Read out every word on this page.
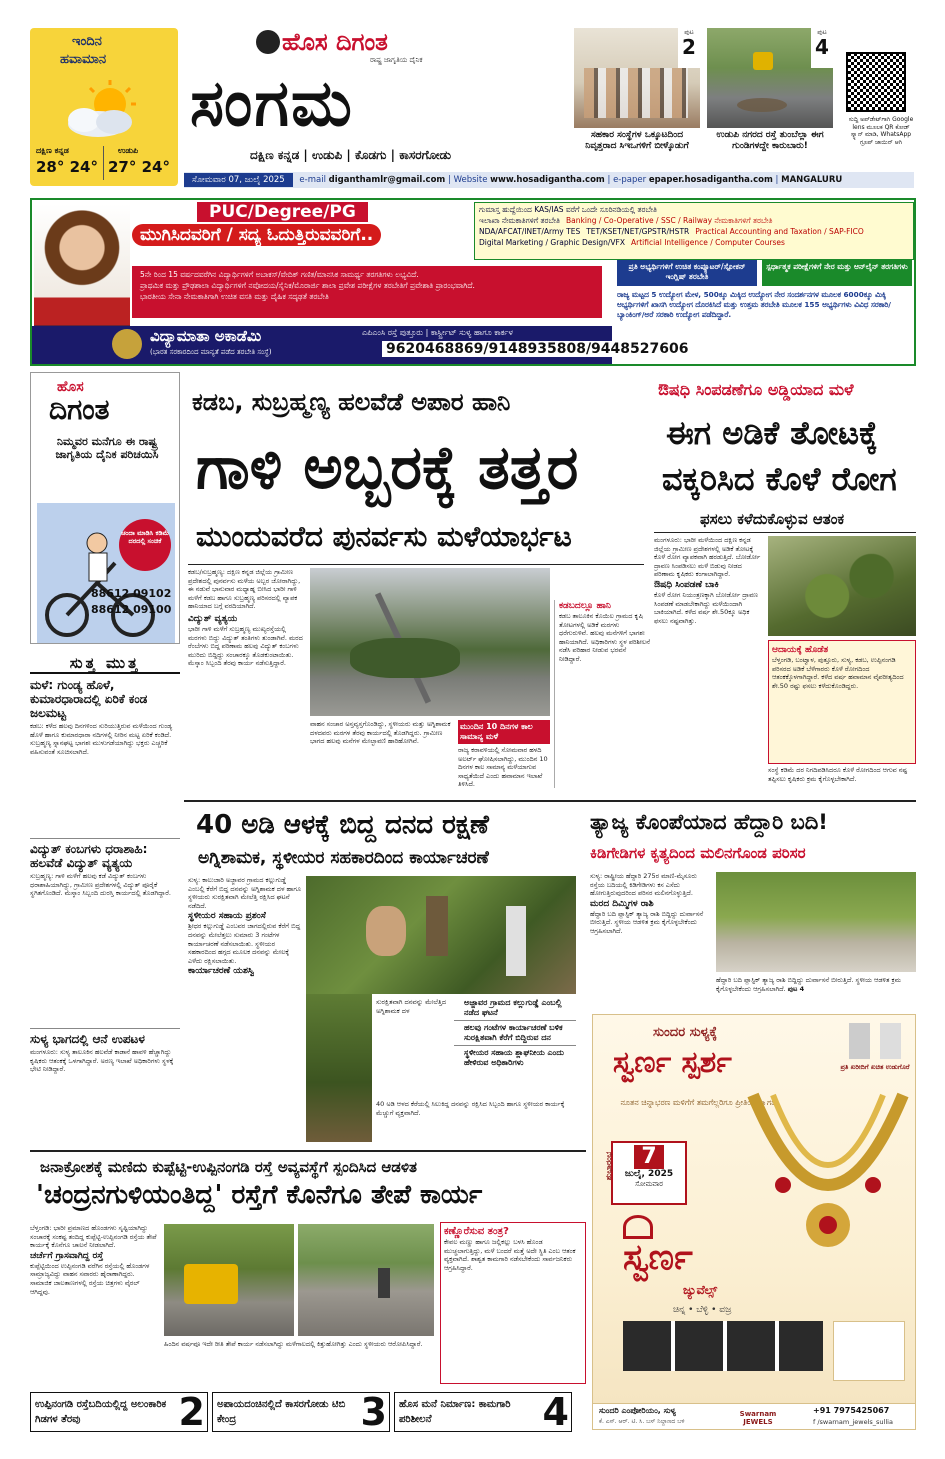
ಇಂದಿನ
ಹವಾಮಾನ
ದಕ್ಷಿಣ ಕನ್ನಡ
28° 24°
ಉಡುಪಿ
27° 24°
ಹೊಸ ದಿಗಂತ
ರಾಷ್ಟ್ರ ಜಾಗೃತಿಯ ದೈನಿಕ
ಸಂಗಮ
ದಕ್ಷಿಣ ಕನ್ನಡ | ಉಡುಪಿ | ಕೊಡಗು | ಕಾಸರಗೋಡು
ಸೋಮವಾರ 07, ಜುಲೈ 2025 e-mail diganthamlr@gmail.com | Website www.hosadigantha.com | e-paper epaper.hosadigantha.com | MANGALURU
ಪುಟ
2
ಸಹಕಾರ ಸಂಸ್ಥೆಗಳ ಒಕ್ಕೂಟದಿಂದ ನಿವೃತ್ತರಾದ ಸಿಇಒಗಳಿಗೆ ಬೀಳ್ಕೊಡುಗೆ
ಪುಟ
4
ಉಡುಪಿ ನಗರದ ರಸ್ತೆ ತುಂಬೆಲ್ಲಾ ಈಗ ಗುಂಡಿಗಳದ್ದೇ ಕಾರುಬಾರು!
ಸುದ್ದಿ ಅಪ್‌ಡೇಟ್‌ಗಾಗಿ Google lens ಮೂಲಕ QR ಕೋಡ್ ಸ್ಕ್ಯಾನ್ ಮಾಡಿ, WhatsApp ಗ್ರೂಪ್ ಜಾಯಿನ್ ಆಗಿ
PUC/Degree/PG
ಮುಗಿಸಿದವರಿಗೆ / ಸದ್ಯ ಓದುತ್ತಿರುವವರಿಗೆ..
ಗುಮಾಸ್ತ ಹುದ್ದೆಯಿಂದ KAS/IAS ವರೆಗೆ ಒಂದೇ ಸೂರಿನಡಿಯಲ್ಲಿ ತರಬೇತಿ
ಇಲಾಖಾ ನೇಮಕಾತಿಗಳಿಗೆ ತರಬೇತಿ Banking / Co-Operative / SSC / Railway ನೇಮಕಾತಿಗಳಿಗೆ ತರಬೇತಿ
NDA/AFCAT/INET/Army TES TET/KSET/NET/GPSTR/HSTR Practical Accounting and Taxation / SAP-FICO
Digital Marketing / Graphic Design/VFX Artificial Intelligence / Computer Courses
5ನೇ ರಿಂದ 15 ವರ್ಷದವರೆಗಿನ ವಿದ್ಯಾರ್ಥಿಗಳಿಗೆ ಅಬಾಕಸ್/ವೇದಿಕ್ ಗಣಿತ/ಮಾನಸಿಕ ಸಾಮರ್ಥ್ಯ ತರಗತಿಗಳು ಲಭ್ಯವಿದೆ.
ಪ್ರಾಥಮಿಕ ಮತ್ತು ಪ್ರೌಢಶಾಲಾ ವಿದ್ಯಾರ್ಥಿಗಳಿಗೆ ನವೋದಯ/ಸೈನಿಕ/ಮೊರಾರ್ಜಿ ಶಾಲಾ ಪ್ರವೇಶ ಪರೀಕ್ಷೆಗಳ ತರಬೇತಿಗೆ ಪ್ರವೇಶಾತಿ ಪ್ರಾರಂಭವಾಗಿದೆ.
ಭಾರತೀಯ ಸೇನಾ ನೇಮಕಾತಿಗಾಗಿ ಉಚಿತ ವಸತಿ ಮತ್ತು ದೈಹಿಕ ಸದೃಢತೆ ತರಬೇತಿ
ಪ್ರತಿ ಅಭ್ಯರ್ಥಿಗಳಿಗೆ ಉಚಿತ ಕಂಪ್ಯೂಟರ್/ಸ್ಪೋಕನ್ ಇಂಗ್ಲಿಷ್ ತರಬೇತಿ
ಸ್ಪರ್ಧಾತ್ಮಕ ಪರೀಕ್ಷೆಗಳಿಗೆ ನೇರ ಮತ್ತು ಆನ್‌ಲೈನ್ ತರಗತಿಗಳು
ರಾಜ್ಯ ಮಟ್ಟದ 5 ಉದ್ಯೋಗ ಮೇಳ, 500ಕ್ಕೂ ಮಿಕ್ಕಿದ ಉದ್ಯೋಗ ನೇರ ಸಂದರ್ಶನಗಳ ಮೂಲಕ 6000ಕ್ಕೂ ಮಿಕ್ಕಿ ಅಭ್ಯರ್ಥಿಗಳಿಗೆ ಖಾಸಗಿ ಉದ್ಯೋಗ ದೊರಕಿಸಿದೆ ಮತ್ತು ಉತ್ತಮ ತರಬೇತಿ ಮೂಲಕ 155 ಅಭ್ಯರ್ಥಿಗಳು ವಿವಿಧ ಸರಕಾರಿ/ಬ್ಯಾಂಕಿಂಗ್/ಅರೆ ಸರಕಾರಿ ಉದ್ಯೋಗ ಪಡೆದಿದ್ದಾರೆ.
ವಿದ್ಯಾಮಾತಾ ಅಕಾಡೆಮಿ
(ಭಾರತ ಸರಕಾರದಿಂದ ಮಾನ್ಯತೆ ಪಡೆದ ತರಬೇತಿ ಸಂಸ್ಥೆ)
ಎಪಿಎಂಸಿ ರಸ್ತೆ ಪುತ್ತೂರು | ಕಾರ್ಸ್ಟ್ರೀಟ್ ಸುಳ್ಯ ಹಾಗೂ ಕಾರ್ಕಳ
9620468869/9148935808/9448527606
ಹೊಸ
ದಿಗಂತ
ನಿಮ್ಮವರ ಮನೆಗೂ ಈ ರಾಷ್ಟ್ರ ಜಾಗೃತಿಯ ದೈನಿಕ ಪರಿಚಯಿಸಿ
ಚಂದಾ ಮಾಡಿಸಿ ಕಡಿಮೆ ದರದಲ್ಲಿ ಸಂಚಿಕೆ
88612 09102
88612 09100
ಸುತ್ತ ಮುತ್ತ
ಮಳೆ: ಗುಂಡ್ಯ ಹೊಳೆ, ಕುಮಾರಧಾರಾದಲ್ಲಿ ಏರಿಕೆ ಕಂಡ ಜಲಮಟ್ಟ
ಕಡಬ: ಕಳೆದ ಹಲವು ದಿನಗಳಿಂದ ಸುರಿಯುತ್ತಿರುವ ಮಳೆಯಿಂದ ಗುಂಡ್ಯ ಹೊಳೆ ಹಾಗೂ ಕುಮಾರಧಾರಾ ನದಿಗಳಲ್ಲಿ ನೀರಿನ ಮಟ್ಟ ಏರಿಕೆ ಕಂಡಿದೆ. ಸುಬ್ರಹ್ಮಣ್ಯ ಸ್ನಾನಘಟ್ಟ ಭಾಗಶಃ ಮುಳುಗಡೆಯಾಗಿದ್ದು ಭಕ್ತರು ಎಚ್ಚರಿಕೆ ವಹಿಸುವಂತೆ ಸೂಚಿಸಲಾಗಿದೆ.
ವಿದ್ಯುತ್ ಕಂಬಗಳು ಧರಾಶಾಹಿ: ಹಲವೆಡೆ ವಿದ್ಯುತ್ ವ್ಯತ್ಯಯ
ಸುಬ್ರಹ್ಮಣ್ಯ: ಗಾಳಿ ಮಳೆಗೆ ಹಲವು ಕಡೆ ವಿದ್ಯುತ್ ಕಂಬಗಳು ಧರಾಶಾಹಿಯಾಗಿದ್ದು, ಗ್ರಾಮೀಣ ಪ್ರದೇಶಗಳಲ್ಲಿ ವಿದ್ಯುತ್ ಪೂರೈಕೆ ಸ್ಥಗಿತಗೊಂಡಿದೆ. ಮೆಸ್ಕಾಂ ಸಿಬ್ಬಂದಿ ದುರಸ್ತಿ ಕಾರ್ಯದಲ್ಲಿ ತೊಡಗಿದ್ದಾರೆ.
ಸುಳ್ಯ ಭಾಗದಲ್ಲಿ ಆನೆ ಉಪಟಳ
ಮಂಗಳೂರು: ಸುಳ್ಯ ತಾಲೂಕಿನ ಹಲವೆಡೆ ಕಾಡಾನೆ ಹಾವಳಿ ಹೆಚ್ಚಾಗಿದ್ದು ಕೃಷಿಕರು ಆತಂಕಕ್ಕೆ ಒಳಗಾಗಿದ್ದಾರೆ. ಅರಣ್ಯ ಇಲಾಖೆ ಅಧಿಕಾರಿಗಳು ಸ್ಥಳಕ್ಕೆ ಭೇಟಿ ನೀಡಿದ್ದಾರೆ.
ಕಡಬ, ಸುಬ್ರಹ್ಮಣ್ಯ ಹಲವೆಡೆ ಅಪಾರ ಹಾನಿ
ಗಾಳಿ ಅಬ್ಬರಕ್ಕೆ ತತ್ತರ
ಮುಂದುವರೆದ ಪುನರ್ವಸು ಮಳೆಯಾರ್ಭಟ
ಕಡಬ/ಸುಬ್ರಹ್ಮಣ್ಯ: ದಕ್ಷಿಣ ಕನ್ನಡ ಜಿಲ್ಲೆಯ ಗ್ರಾಮೀಣ ಪ್ರದೇಶದಲ್ಲಿ ಪುನರ್ವಸು ಮಳೆಯ ಅಬ್ಬರ ಜೋರಾಗಿದ್ದು, ಈ ನಡುವೆ ಭಾನುವಾರ ಮಧ್ಯಾಹ್ನ ಬೀಸಿದ ಭಾರೀ ಗಾಳಿ ಮಳೆಗೆ ಕಡಬ ಹಾಗೂ ಸುಬ್ರಹ್ಮಣ್ಯ ಪರಿಸರದಲ್ಲಿ ವ್ಯಾಪಕ ಹಾನಿಯಾದ ಬಗ್ಗೆ ವರದಿಯಾಗಿದೆ.
ವಿದ್ಯುತ್ ವ್ಯತ್ಯಯ
ಭಾರೀ ಗಾಳಿ ಮಳೆಗೆ ಸುಬ್ರಹ್ಮಣ್ಯ ಮುಖ್ಯರಸ್ತೆಯಲ್ಲಿ ಮರಗಳು ಬಿದ್ದು ವಿದ್ಯುತ್ ತಂತಿಗಳು ತುಂಡಾಗಿವೆ. ಮರದ ರೆಂಬೆಗಳು ಬಿದ್ದ ಪರಿಣಾಮ ಹಲವು ವಿದ್ಯುತ್ ಕಂಬಗಳು ಮುರಿದು ಬಿದ್ದಿದ್ದು ಸಂಚಾರಕ್ಕೂ ತೊಡಕುಂಟಾಯಿತು. ಮೆಸ್ಕಾಂ ಸಿಬ್ಬಂದಿ ತೆರವು ಕಾರ್ಯ ನಡೆಸುತ್ತಿದ್ದಾರೆ.
ವಾಹನ ಸಂಚಾರ ಅಸ್ತವ್ಯಸ್ತಗೊಂಡಿದ್ದು, ಸ್ಥಳೀಯರು ಮತ್ತು ಅಗ್ನಿಶಾಮಕ ದಳದವರು ಮರಗಳ ತೆರವು ಕಾರ್ಯದಲ್ಲಿ ತೊಡಗಿದ್ದರು. ಗ್ರಾಮೀಣ ಭಾಗದ ಹಲವು ಮನೆಗಳ ಮೇಲ್ಛಾವಣಿ ಹಾರಿಹೋಗಿವೆ.
ಮುಂದಿನ 10 ದಿನಗಳ ಕಾಲ ಸಾಮಾನ್ಯ ಮಳೆ
ರಾಜ್ಯ ಕರಾವಳಿಯಲ್ಲಿ ಸೋಮವಾರ ಹಳದಿ ಅಲರ್ಟ್ ಘೋಷಿಸಲಾಗಿದ್ದು, ಮುಂದಿನ 10 ದಿನಗಳ ಕಾಲ ಸಾಮಾನ್ಯ ಮಳೆಯಾಗುವ ಸಾಧ್ಯತೆಯಿದೆ ಎಂದು ಹವಾಮಾನ ಇಲಾಖೆ ತಿಳಿಸಿದೆ.
ಕಡಬದಲ್ಲೂ ಹಾನಿ
ಕಡಬ ತಾಲೂಕಿನ ಕೊಯಿಲ ಗ್ರಾಮದ ಕೃಷಿ ತೋಟಗಳಲ್ಲಿ ಅಡಿಕೆ ಮರಗಳು ಧರೆಗುರುಳಿವೆ. ಹಲವು ಮನೆಗಳಿಗೆ ಭಾಗಶಃ ಹಾನಿಯಾಗಿದೆ. ಅಧಿಕಾರಿಗಳು ಸ್ಥಳ ಪರಿಶೀಲನೆ ನಡೆಸಿ ಪರಿಹಾರ ನೀಡುವ ಭರವಸೆ ನೀಡಿದ್ದಾರೆ.
ಔಷಧಿ ಸಿಂಪಡಣೆಗೂ ಅಡ್ಡಿಯಾದ ಮಳೆ
ಈಗ ಅಡಿಕೆ ತೋಟಕ್ಕೆ
ವಕ್ಕರಿಸಿದ ಕೊಳೆ ರೋಗ
ಫಸಲು ಕಳೆದುಕೊಳ್ಳುವ ಆತಂಕ
ಮಂಗಳೂರು: ಭಾರೀ ಮಳೆಯಿಂದ ದಕ್ಷಿಣ ಕನ್ನಡ ಜಿಲ್ಲೆಯ ಗ್ರಾಮೀಣ ಪ್ರದೇಶಗಳಲ್ಲಿ ಅಡಿಕೆ ತೋಟಕ್ಕೆ ಕೊಳೆ ರೋಗ ವ್ಯಾಪಕವಾಗಿ ಹರಡುತ್ತಿದೆ. ಬೋರ್ಡೋ ದ್ರಾವಣ ಸಿಂಪಡಿಸಲು ಮಳೆ ಬಿಡುವು ನೀಡದ ಪರಿಣಾಮ ಕೃಷಿಕರು ಕಂಗಾಲಾಗಿದ್ದಾರೆ.
ಔಷಧಿ ಸಿಂಪಡಣೆ ಬಾಕಿ
ಕೊಳೆ ರೋಗ ನಿಯಂತ್ರಣಕ್ಕಾಗಿ ಬೋರ್ಡೋ ದ್ರಾವಣ ಸಿಂಪಡಣೆ ಮಾಡಬೇಕಾಗಿದ್ದು ಮಳೆಯಿಂದಾಗಿ ಬಾಕಿಯಾಗಿದೆ. ಕಳೆದ ವರ್ಷ ಶೇ.50ಕ್ಕೂ ಅಧಿಕ ಫಸಲು ನಷ್ಟವಾಗಿತ್ತು.
ಆದಾಯಕ್ಕೆ ಹೊಡೆತ
ಬೆಳ್ತಂಗಡಿ, ಬಂಟ್ವಾಳ, ಪುತ್ತೂರು, ಸುಳ್ಯ, ಕಡಬ, ಉಪ್ಪಿನಂಗಡಿ ಪರಿಸರದ ಅಡಿಕೆ ಬೆಳೆಗಾರರು ಕೊಳೆ ರೋಗದಿಂದ ಆತಂಕಕ್ಕೊಳಗಾಗಿದ್ದಾರೆ. ಕಳೆದ ವರ್ಷ ಹವಾಮಾನ ವೈಪರೀತ್ಯದಿಂದ ಶೇ.50 ರಷ್ಟು ಫಸಲು ಕಳೆದುಕೊಂಡಿದ್ದರು.
ಸಂಸ್ಥೆ ಕಡಿಮೆ ದರ ನಿಗದಿಪಡಿಸಿದರೂ ಕೊಳೆ ರೋಗದಿಂದ ಆಗುವ ನಷ್ಟ ತಪ್ಪಿಸಲು ಕೃಷಿಕರು ಕ್ರಮ ಕೈಗೊಳ್ಳಬೇಕಾಗಿದೆ.
40 ಅಡಿ ಆಳಕ್ಕೆ ಬಿದ್ದ ದನದ ರಕ್ಷಣೆ
ಅಗ್ನಿಶಾಮಕ, ಸ್ಥಳೀಯರ ಸಹಕಾರದಿಂದ ಕಾರ್ಯಾಚರಣೆ
ಸುಳ್ಯ: ಕಾಲುಜಾರಿ ಅಜ್ಜಾವರ ಗ್ರಾಮದ ಕಲ್ಲುಗುಡ್ಡೆ ಎಂಬಲ್ಲಿ ಕೆರೆಗೆ ಬಿದ್ದ ದನವನ್ನು ಅಗ್ನಿಶಾಮಕ ದಳ ಹಾಗೂ ಸ್ಥಳೀಯರು ಸುರಕ್ಷಿತವಾಗಿ ಮೇಲೆತ್ತಿ ರಕ್ಷಿಸಿದ ಘಟನೆ ನಡೆದಿದೆ.
ಸ್ಥಳೀಯರ ಸಹಾಯ ಪ್ರಶಂಸೆ
ಶ್ರೀಧರ ಕಲ್ಲುಗುಡ್ಡೆ ಎಂಬವರ ಜಾಗದಲ್ಲಿರುವ ಕೆರೆಗೆ ಬಿದ್ದ ದನವನ್ನು ಮೇಲೆತ್ತಲು ಸುಮಾರು 3 ಗಂಟೆಗಳ ಕಾರ್ಯಾಚರಣೆ ನಡೆಸಲಾಯಿತು. ಸ್ಥಳೀಯರ ಸಹಕಾರದಿಂದ ಹಗ್ಗದ ಮೂಲಕ ದನವನ್ನು ಮೇಲಕ್ಕೆ ಎಳೆದು ರಕ್ಷಿಸಲಾಯಿತು.
ಕಾರ್ಯಾಚರಣೆ ಯಶಸ್ವಿ
ಸುರಕ್ಷಿತವಾಗಿ ದನವನ್ನು ಮೇಲೆತ್ತಿದ ಅಗ್ನಿಶಾಮಕ ದಳ
ಅಜ್ಜಾವರ ಗ್ರಾಮದ ಕಲ್ಲುಗುಡ್ಡೆ ಎಂಬಲ್ಲಿ ನಡೆದ ಘಟನೆ
ಹಲವು ಗಂಟೆಗಳ ಕಾರ್ಯಾಚರಣೆ ಬಳಿಕ ಸುರಕ್ಷಿತವಾಗಿ ಕೆರೆಗೆ ಬಿದ್ದಿರುವ ದನ
ಸ್ಥಳೀಯರ ಸಹಾಯ ಶ್ಲಾಘನೀಯ ಎಂದು ಹೇಳಿರುವ ಅಧಿಕಾರಿಗಳು
40 ಅಡಿ ಆಳದ ಕೆರೆಯಲ್ಲಿ ಸಿಲುಕಿದ್ದ ದನವನ್ನು ರಕ್ಷಿಸಿದ ಸಿಬ್ಬಂದಿ ಹಾಗೂ ಸ್ಥಳೀಯರ ಕಾರ್ಯಕ್ಕೆ ಮೆಚ್ಚುಗೆ ವ್ಯಕ್ತವಾಗಿದೆ.
ತ್ಯಾಜ್ಯ ಕೊಂಪೆಯಾದ ಹೆದ್ದಾರಿ ಬದಿ!
ಕಿಡಿಗೇಡಿಗಳ ಕೃತ್ಯದಿಂದ ಮಲಿನಗೊಂಡ ಪರಿಸರ
ಸುಳ್ಯ: ರಾಷ್ಟ್ರೀಯ ಹೆದ್ದಾರಿ 275ರ ಮಾಣಿ-ಮೈಸೂರು ರಸ್ತೆಯ ಬದಿಯಲ್ಲಿ ಕಿಡಿಗೇಡಿಗಳು ಕಸ ಎಸೆದು ಹೋಗುತ್ತಿರುವುದರಿಂದ ಪರಿಸರ ಮಲಿನಗೊಳ್ಳುತ್ತಿದೆ.
ಮರದ ದಿಮ್ಮಿಗಳ ರಾಶಿ
ಹೆದ್ದಾರಿ ಬದಿ ಪ್ಲಾಸ್ಟಿಕ್ ತ್ಯಾಜ್ಯ ರಾಶಿ ಬಿದ್ದಿದ್ದು ದುರ್ವಾಸನೆ ಬೀರುತ್ತಿದೆ. ಸ್ಥಳೀಯ ಆಡಳಿತ ಕ್ರಮ ಕೈಗೊಳ್ಳಬೇಕೆಂದು ಆಗ್ರಹಿಸಲಾಗಿದೆ.
ಹೆದ್ದಾರಿ ಬದಿ ಪ್ಲಾಸ್ಟಿಕ್ ತ್ಯಾಜ್ಯ ರಾಶಿ ಬಿದ್ದಿದ್ದು ದುರ್ವಾಸನೆ ಬೀರುತ್ತಿದೆ. ಸ್ಥಳೀಯ ಆಡಳಿತ ಕ್ರಮ ಕೈಗೊಳ್ಳಬೇಕೆಂದು ಆಗ್ರಹಿಸಲಾಗಿದೆ. ಪುಟ 4
ಸುಂದರ ಸುಳ್ಯಕ್ಕೆ
ಸ್ವರ್ಣ ಸ್ಪರ್ಶ
ನೂತನ ಚಿನ್ನಾಭರಣ ಮಳಿಗೆಗೆ ತಮಗೆಲ್ಲರಿಗೂ ಪ್ರೀತಿಯ ಸ್ವಾಗತ
ಪ್ರತಿ ಖರೀದಿಗೆ ಖಚಿತ ಉಡುಗೊರೆ
ಶುಭಾರಂಭ	7
ಜುಲೈ, 2025
ಸೋಮವಾರ
ಸ್ವರ್ಣ
ಜ್ಯುವೆಲ್ಸ್
ಚಿನ್ನ • ಬೆಳ್ಳಿ • ವಜ್ರ
ಸುಂದರಿ ಎಂಪೋರಿಯಂ, ಸುಳ್ಯ
ಕೆ. ಎಸ್. ಆರ್. ಟಿ. ಸಿ. ಬಸ್ ನಿಲ್ದಾಣದ ಬಳಿ
Swarnam JEWELS
+91 7975425067
f /swarnam_jewels_sullia
ಜನಾಕ್ರೋಶಕ್ಕೆ ಮಣಿದು ಕುಪ್ಪೆಟ್ಟಿ-ಉಪ್ಪಿನಂಗಡಿ ರಸ್ತೆ ಅವ್ಯವಸ್ಥೆಗೆ ಸ್ಪಂದಿಸಿದ ಆಡಳಿತ
'ಚಂದ್ರನಗುಳಿಯಂತಿದ್ದ' ರಸ್ತೆಗೆ ಕೊನೆಗೂ ತೇಪೆ ಕಾರ್ಯ
ಬೆಳ್ತಂಗಡಿ: ಭಾರೀ ಪ್ರಮಾಣದ ಹೊಂಡಗಳು ಸೃಷ್ಟಿಯಾಗಿದ್ದು ಸಂಚಾರಕ್ಕೆ ಸಂಕಷ್ಟ ತಂದಿದ್ದ ಕುಪ್ಪೆಟ್ಟಿ-ಉಪ್ಪಿನಂಗಡಿ ರಸ್ತೆಯ ತೇಪೆ ಕಾರ್ಯಕ್ಕೆ ಕೊನೆಗೂ ಚಾಲನೆ ನೀಡಲಾಗಿದೆ.
ಚರ್ಚೆಗೆ ಗ್ರಾಸವಾಗಿದ್ದ ರಸ್ತೆ
ಕುಪ್ಪೆಟ್ಟಿಯಿಂದ ಉಪ್ಪಿನಂಗಡಿ ವರೆಗಿನ ರಸ್ತೆಯಲ್ಲಿ ಹೊಂಡಗಳ ಸಾಮ್ರಾಜ್ಯವಿದ್ದು ವಾಹನ ಸವಾರರು ಹೈರಾಣಾಗಿದ್ದರು. ಸಾಮಾಜಿಕ ಜಾಲತಾಣಗಳಲ್ಲಿ ರಸ್ತೆಯ ಚಿತ್ರಗಳು ವೈರಲ್ ಆಗಿದ್ದವು.
ಹಿಂದಿನ ವರ್ಷವೂ ಇದೇ ರೀತಿ ತೇಪೆ ಕಾರ್ಯ ನಡೆಸಲಾಗಿದ್ದು ಮಳೆಗಾಲದಲ್ಲಿ ಕಿತ್ತುಹೋಗಿತ್ತು ಎಂದು ಸ್ಥಳೀಯರು ಆರೋಪಿಸಿದ್ದಾರೆ.
ಕಣ್ಣೊರೆಸುವ ತಂತ್ರ?
ಕೇವಲ ಮಣ್ಣು ಹಾಗೂ ಜಲ್ಲಿಕಲ್ಲು ಬಳಸಿ ಹೊಂಡ ಮುಚ್ಚಲಾಗುತ್ತಿದ್ದು, ಮಳೆ ಬಂದರೆ ಮತ್ತೆ ಅದೇ ಸ್ಥಿತಿ ಎಂಬ ಆತಂಕ ವ್ಯಕ್ತವಾಗಿದೆ. ಶಾಶ್ವತ ಕಾಮಗಾರಿ ನಡೆಸಬೇಕೆಂದು ಸಾರ್ವಜನಿಕರು ಆಗ್ರಹಿಸಿದ್ದಾರೆ.
ಉಪ್ಪಿನಂಗಡಿ ರಸ್ತೆಬದಿಯಲ್ಲಿದ್ದ ಅಲಂಕಾರಿಕ ಗಿಡಗಳ ತೆರವು	2 ಅಪಾಯದಂಚಿನಲ್ಲಿದೆ ಕಾಸರಗೋಡು ಟಿಬಿ ಕೇಂದ್ರ	3 ಹೊಸ ಮನೆ ನಿರ್ಮಾಣ: ಕಾಮಗಾರಿ ಪರಿಶೀಲನೆ	4
